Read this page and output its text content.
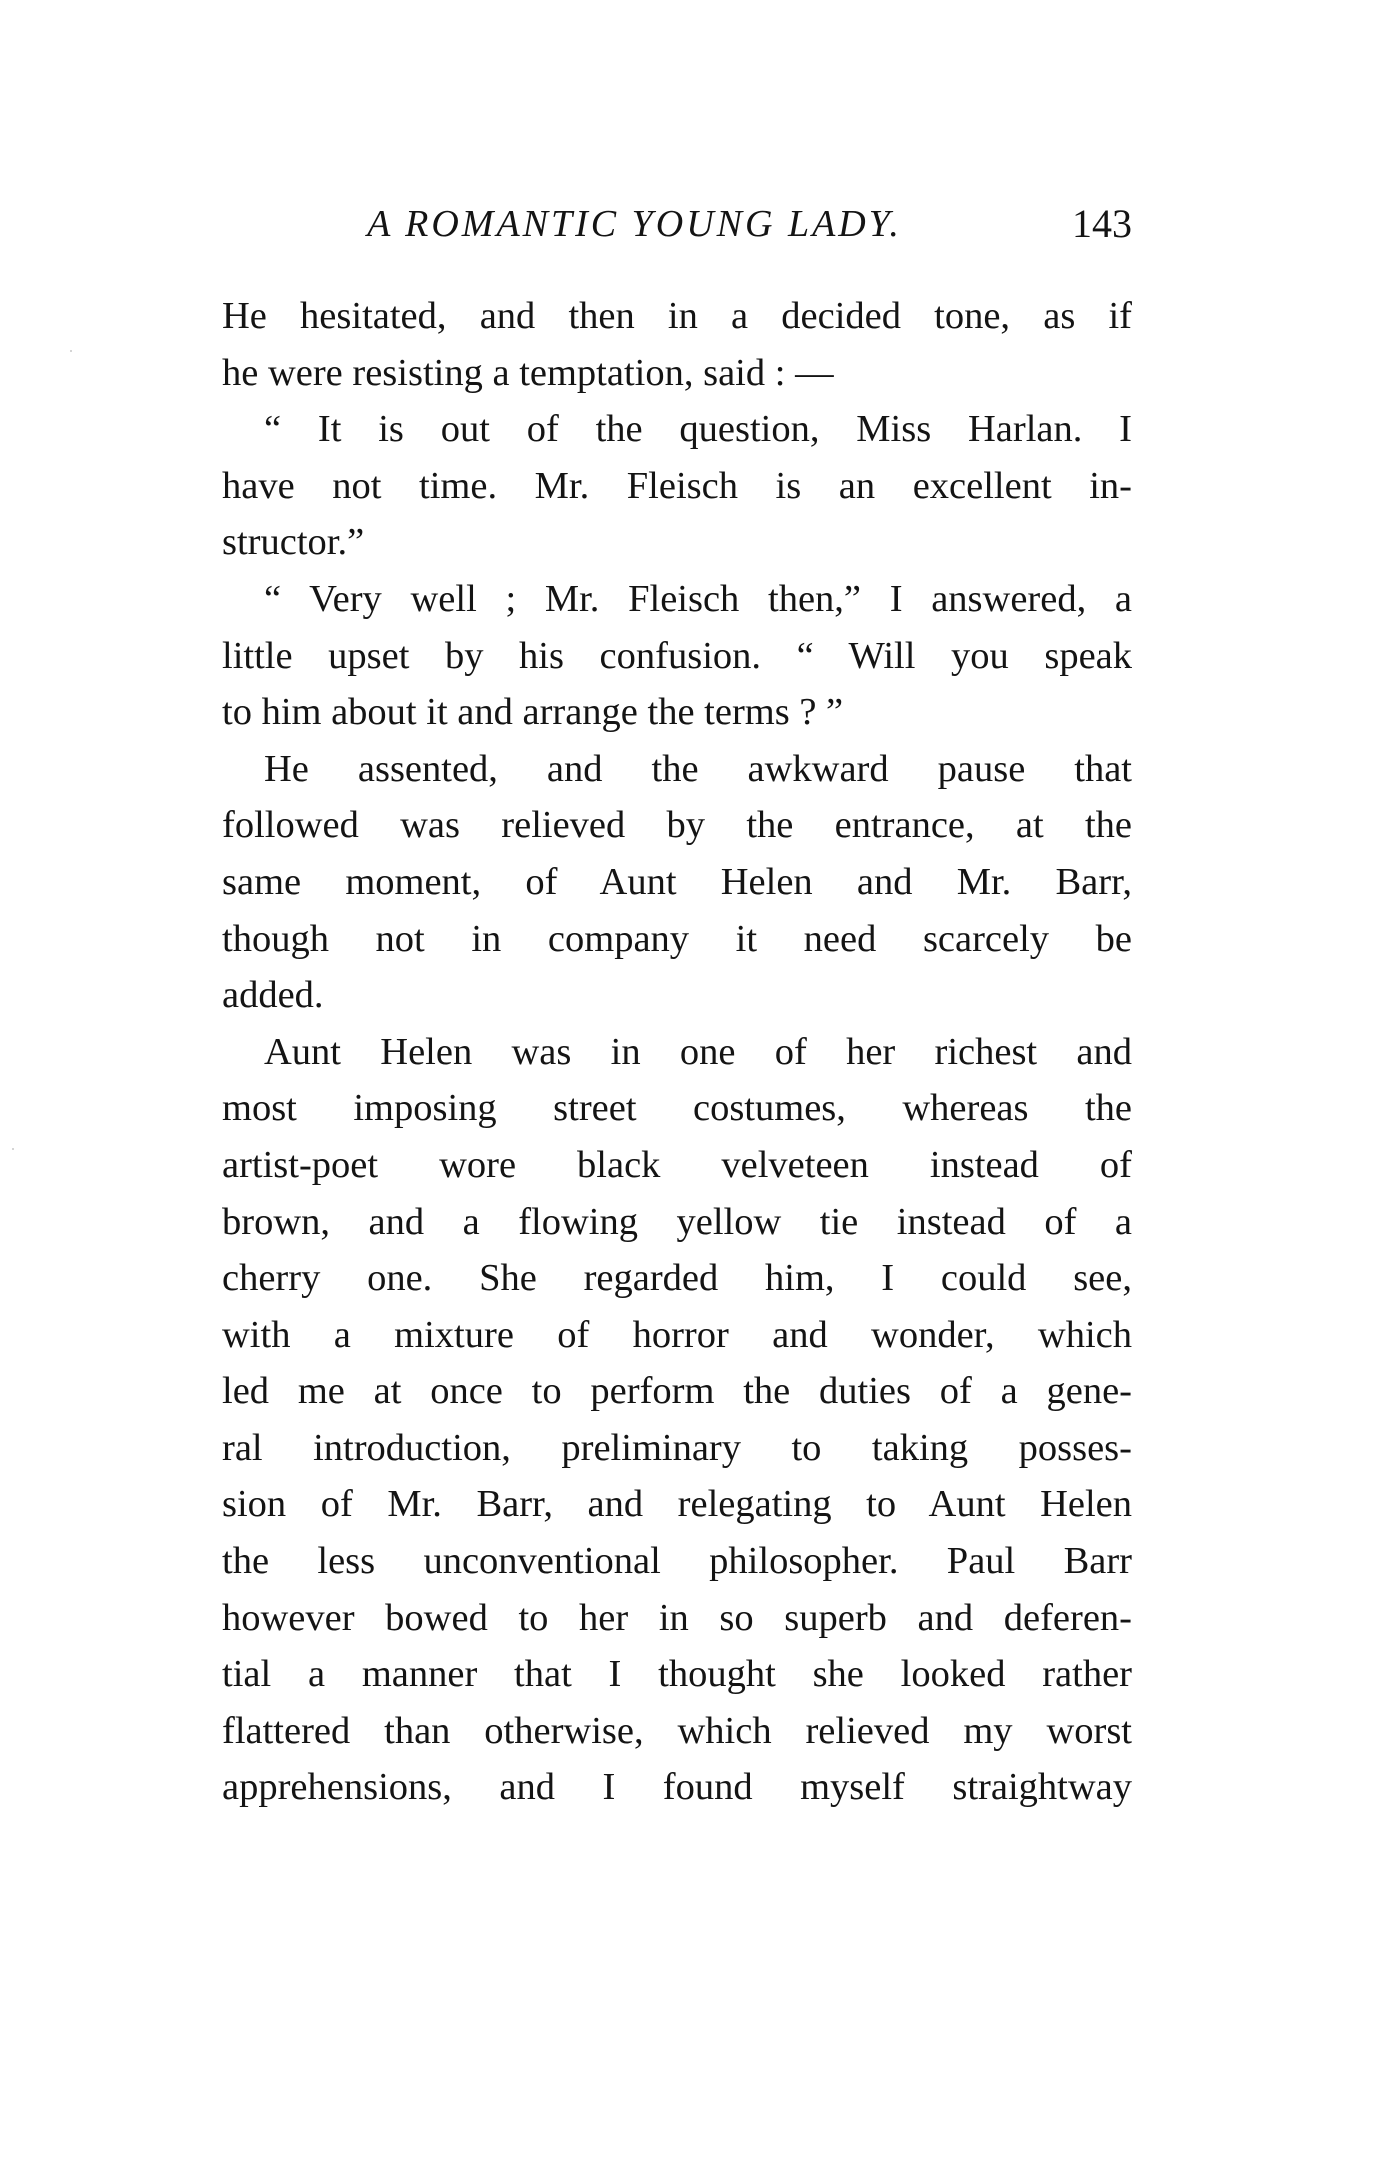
A ROMANTIC YOUNG LADY.	143
He hesitated, and then in a decided tone, as if
he were resisting a temptation, said : —
“ It is out of the question, Miss Harlan. I
have not time. Mr. Fleisch is an excellent in-
structor.”
“ Very well ; Mr. Fleisch then,” I answered, a
little upset by his confusion. “ Will you speak
to him about it and arrange the terms ? ”
He assented, and the awkward pause that
followed was relieved by the entrance, at the
same moment, of Aunt Helen and Mr. Barr,
though not in company it need scarcely be
added.
Aunt Helen was in one of her richest and
most imposing street costumes, whereas the
artist-poet wore black velveteen instead of
brown, and a flowing yellow tie instead of a
cherry one. She regarded him, I could see,
with a mixture of horror and wonder, which
led me at once to perform the duties of a gene-
ral introduction, preliminary to taking posses-
sion of Mr. Barr, and relegating to Aunt Helen
the less unconventional philosopher. Paul Barr
however bowed to her in so superb and deferen-
tial a manner that I thought she looked rather
flattered than otherwise, which relieved my worst
apprehensions, and I found myself straightway
